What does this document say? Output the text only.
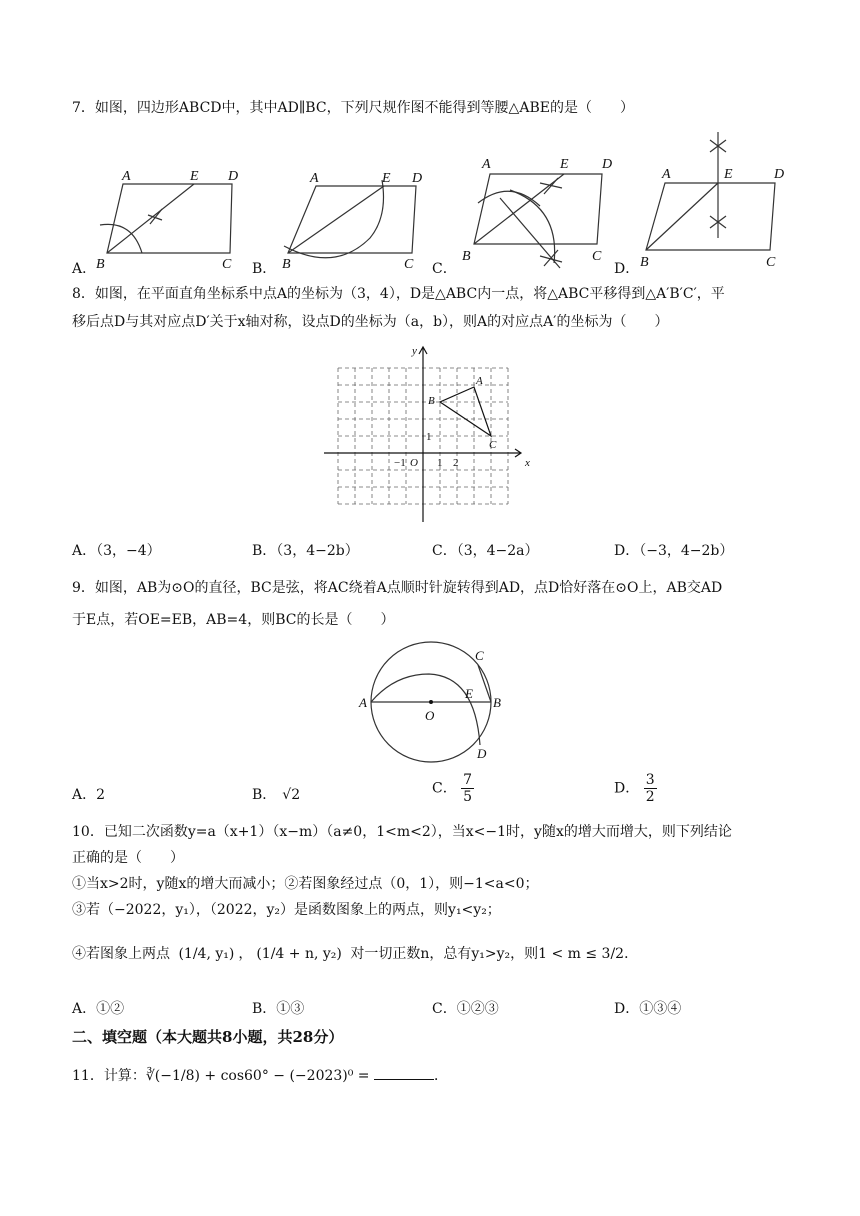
7．如图，四边形ABCD中，其中AD∥BC，下列尺规作图不能得到等腰△ABE的是（　　）
A	E D
B	C
A	E D
B	C
A	E D
B	C
A	E	D
B	C
A．	B．	C．	D．
8．如图，在平面直角坐标系中点A的坐标为（3，4），D是△ABC内一点，将△ABC平移得到△A′B′C′，平
移后点D与其对应点D′关于x轴对称，设点D的坐标为（a，b），则A的对应点A′的坐标为（　　）
x
y
O
−1	1 2
1
A
B
C
A．（3，−4）	B．（3，4−2b）	C．（3，4−2a）	D．（−3，4−2b）
9．如图，AB为⊙O的直径，BC是弦，将AC绕着A点顺时针旋转得到AD，点D恰好落在⊙O上，AB交AD
于E点，若OE=EB，AB=4，则BC的长是（　　）
A	B
C
D
E
O
A．2	B． √2	C． $\frac{7}{5}$	D． $\frac{3}{2}$
10．已知二次函数y=a（x+1）（x−m）（a≠0，1<m<2），当x<−1时，y随x的增大而增大，则下列结论
正确的是（　　）
①当x>2时，y随x的增大而减小；②若图象经过点（0，1），则−1<a<0；
③若（−2022，y₁），（2022，y₂）是函数图象上的两点，则y₁<y₂；
④若图象上两点 (1/4, y₁) ， (1/4 + n, y₂) 对一切正数n，总有y₁>y₂，则1 < m ≤ 3/2．
A．①②	B．①③	C．①②③	D．①③④
二、填空题（本大题共8小题，共28分）
11．计算：∛(−1/8) + cos60° − (−2023)⁰ =	．
